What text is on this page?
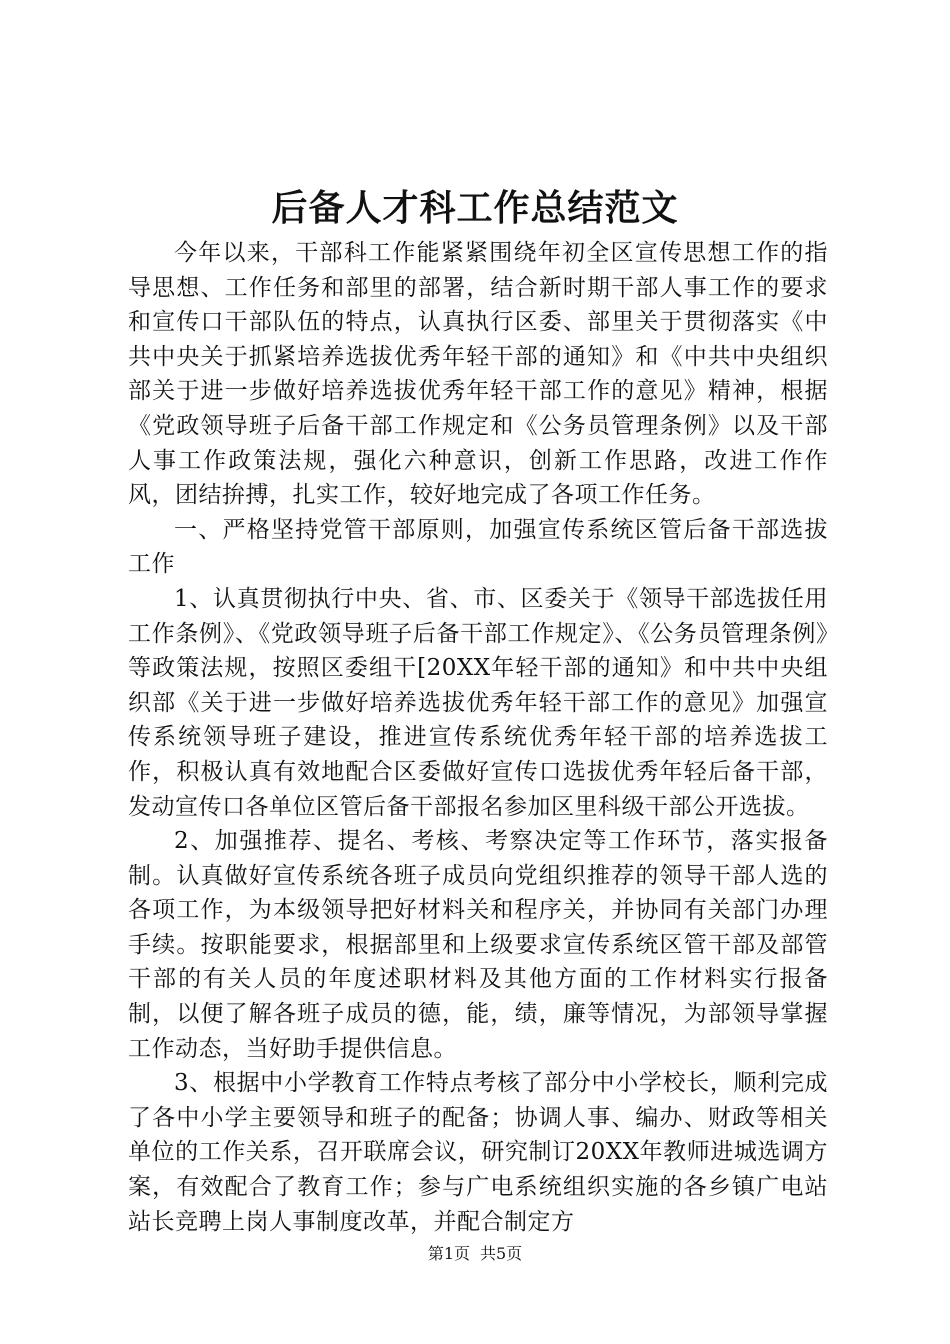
后备人才科工作总结范文

今年以来，干部科工作能紧紧围绕年初全区宣传思想工作的指导思想、工作任务和部里的部署，结合新时期干部人事工作的要求和宣传口干部队伍的特点，认真执行区委、部里关于贯彻落实《中共中央关于抓紧培养选拔优秀年轻干部的通知》和《中共中央组织部关于进一步做好培养选拔优秀年轻干部工作的意见》精神，根据《党政领导班子后备干部工作规定和《公务员管理条例》以及干部人事工作政策法规，强化六种意识，创新工作思路，改进工作作风，团结拚搏，扎实工作，较好地完成了各项工作任务。

一、严格坚持党管干部原则，加强宣传系统区管后备干部选拔工作

1、认真贯彻执行中央、省、市、区委关于《领导干部选拔任用工作条例》、《党政领导班子后备干部工作规定》、《公务员管理条例》等政策法规，按照区委组干[20XX年轻干部的通知》和中共中央组织部《关于进一步做好培养选拔优秀年轻干部工作的意见》加强宣传系统领导班子建设，推进宣传系统优秀年轻干部的培养选拔工作，积极认真有效地配合区委做好宣传口选拔优秀年轻后备干部，发动宣传口各单位区管后备干部报名参加区里科级干部公开选拔。

2、加强推荐、提名、考核、考察决定等工作环节，落实报备制。认真做好宣传系统各班子成员向党组织推荐的领导干部人选的各项工作，为本级领导把好材料关和程序关，并协同有关部门办理手续。按职能要求，根据部里和上级要求宣传系统区管干部及部管干部的有关人员的年度述职材料及其他方面的工作材料实行报备制，以便了解各班子成员的德，能，绩，廉等情况，为部领导掌握工作动态，当好助手提供信息。

3、根据中小学教育工作特点考核了部分中小学校长，顺利完成了各中小学主要领导和班子的配备；协调人事、编办、财政等相关单位的工作关系，召开联席会议，研究制订20XX年教师进城选调方案，有效配合了教育工作；参与广电系统组织实施的各乡镇广电站站长竞聘上岗人事制度改革，并配合制定方

第1页 共5页
